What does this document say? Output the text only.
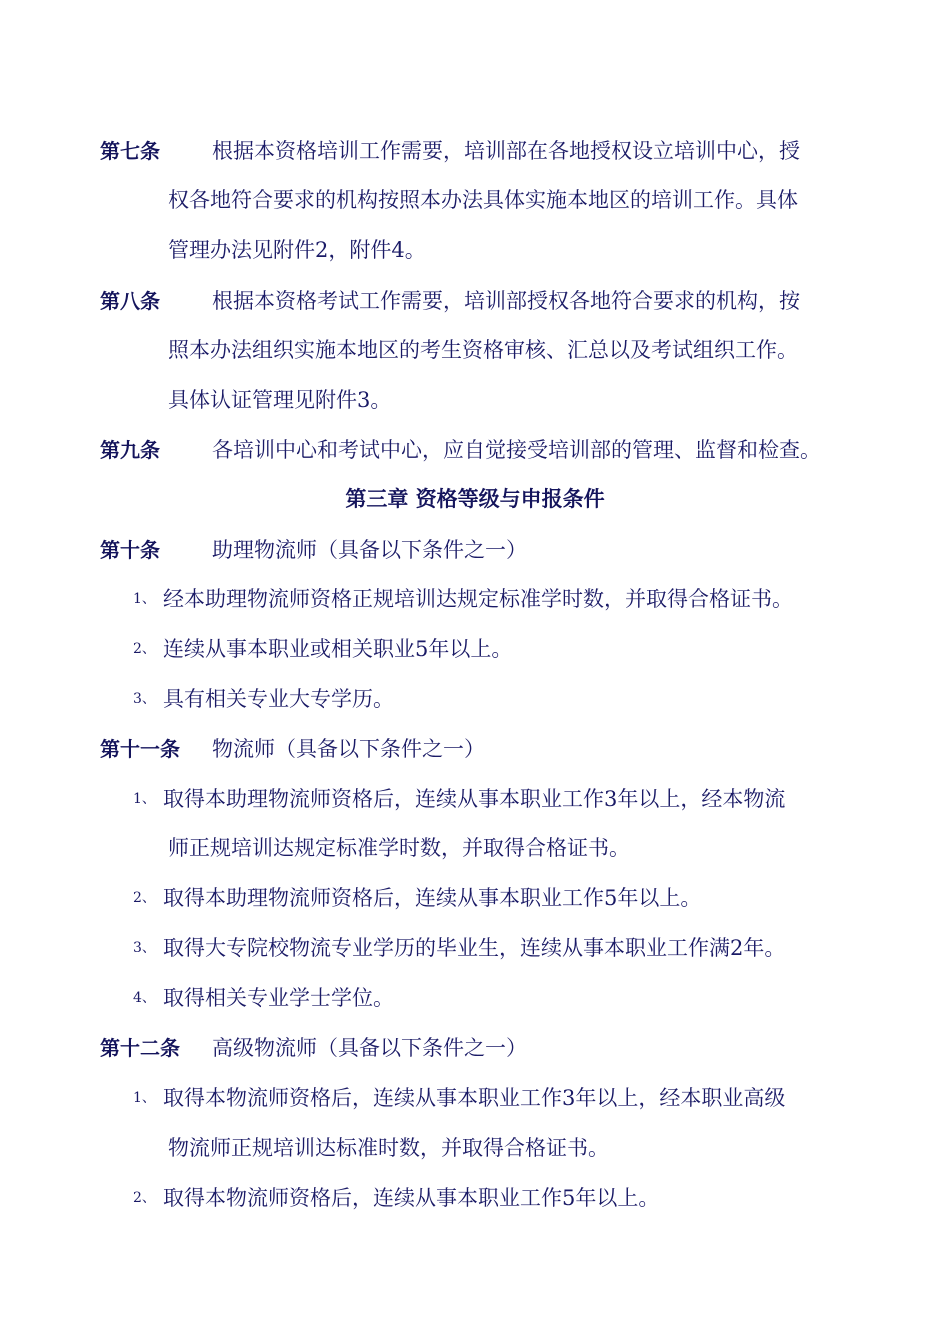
第七条 根据本资格培训工作需要，培训部在各地授权设立培训中心，授
权各地符合要求的机构按照本办法具体实施本地区的培训工作。具体
管理办法见附件2，附件4。
第八条 根据本资格考试工作需要，培训部授权各地符合要求的机构，按
照本办法组织实施本地区的考生资格审核、汇总以及考试组织工作。
具体认证管理见附件3。
第九条 各培训中心和考试中心，应自觉接受培训部的管理、监督和检查。
第三章 资格等级与申报条件
第十条 助理物流师（具备以下条件之一）
1、 经本助理物流师资格正规培训达规定标准学时数，并取得合格证书。
2、 连续从事本职业或相关职业5年以上。
3、 具有相关专业大专学历。
第十一条 物流师（具备以下条件之一）
1、 取得本助理物流师资格后，连续从事本职业工作3年以上，经本物流
师正规培训达规定标准学时数，并取得合格证书。
2、 取得本助理物流师资格后，连续从事本职业工作5年以上。
3、 取得大专院校物流专业学历的毕业生，连续从事本职业工作满2年。
4、 取得相关专业学士学位。
第十二条 高级物流师（具备以下条件之一）
1、 取得本物流师资格后，连续从事本职业工作3年以上，经本职业高级
物流师正规培训达标准时数，并取得合格证书。
2、 取得本物流师资格后，连续从事本职业工作5年以上。
